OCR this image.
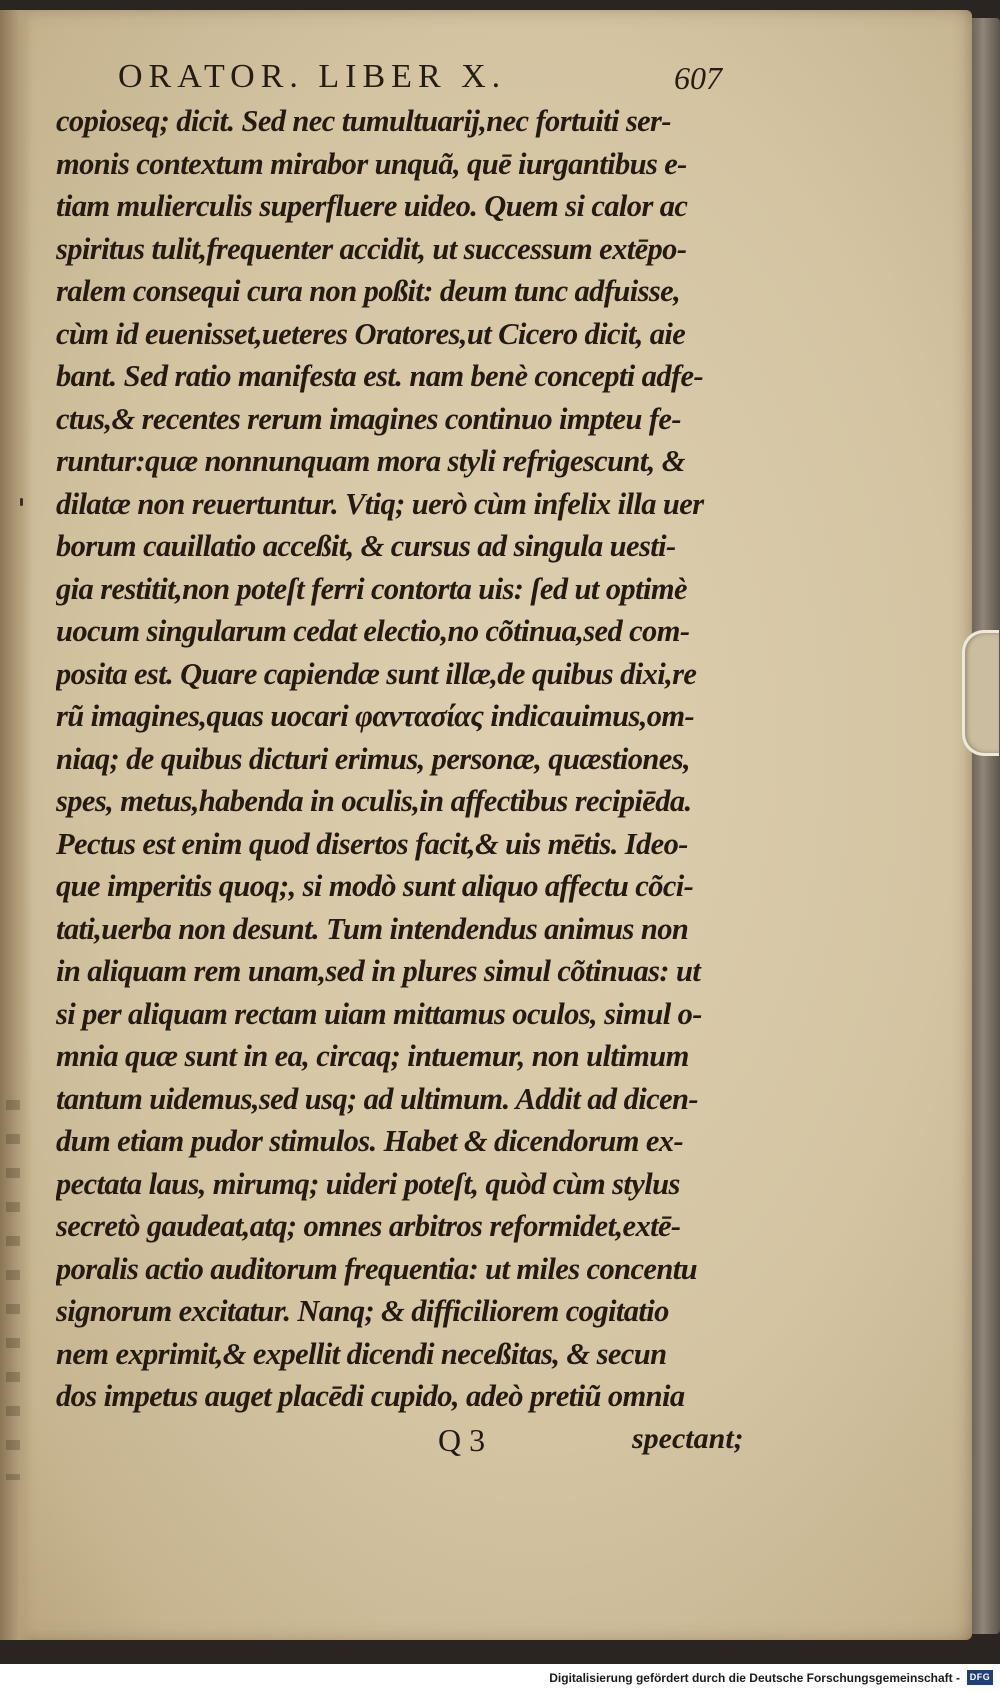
ORATOR. LIBER X.	607
copioseq; dicit. Sed nec tumultuarij,nec fortuiti ser-
monis contextum mirabor unquã, quē iurgantibus e-
tiam mulierculis superfluere uideo. Quem si calor ac
spiritus tulit,frequenter accidit, ut successum extēpo-
ralem consequi cura non poßit: deum tunc adfuisse,
cùm id euenisset,ueteres Oratores,ut Cicero dicit, aie
bant. Sed ratio manifesta est. nam benè concepti adfe-
ctus,& recentes rerum imagines continuo impteu fe-
runtur:quæ nonnunquam mora styli refrigescunt, &
dilatæ non reuertuntur. Vtiq; uerò cùm infelix illa uer
borum cauillatio acceßit, & cursus ad singula uesti-
gia restitit,non poteſt ferri contorta uis: ſed ut optimè
uocum singularum cedat electio,no cõtinua,sed com-
posita est. Quare capiendæ sunt illæ,de quibus dixi,re
rũ imagines,quas uocari φαντασίας indicauimus,om-
niaq; de quibus dicturi erimus, personæ, quæstiones,
spes, metus,habenda in oculis,in affectibus recipiēda.
Pectus est enim quod disertos facit,& uis mētis. Ideo-
que imperitis quoq;, si modò sunt aliquo affectu cõci-
tati,uerba non desunt. Tum intendendus animus non
in aliquam rem unam,sed in plures simul cõtinuas: ut
si per aliquam rectam uiam mittamus oculos, simul o-
mnia quæ sunt in ea, circaq; intuemur, non ultimum
tantum uidemus,sed usq; ad ultimum. Addit ad dicen-
dum etiam pudor stimulos. Habet & dicendorum ex-
pectata laus, mirumq; uideri poteſt, quòd cùm stylus
secretò gaudeat,atq; omnes arbitros reformidet,extē-
poralis actio auditorum frequentia: ut miles concentu
signorum excitatur. Nanq; & difficiliorem cogitatio
nem exprimit,& expellit dicendi neceßitas, & secun
dos impetus auget placēdi cupido, adeò pretiũ omnia
Q 3	spectant;
Digitalisierung gefördert durch die Deutsche Forschungsgemeinschaft -	DFG
